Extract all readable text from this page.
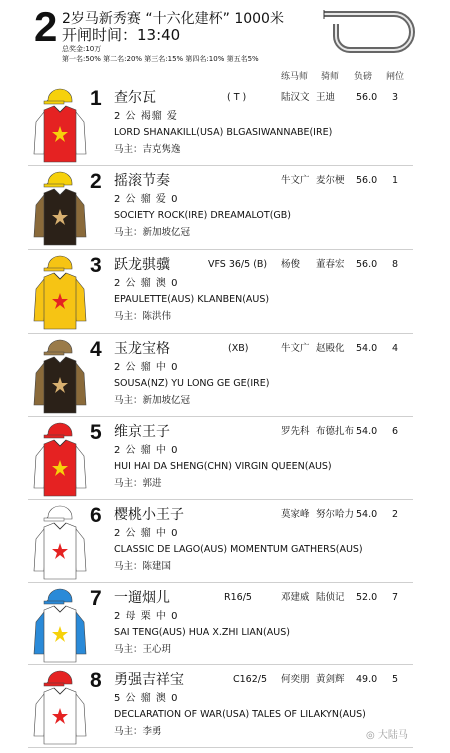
2 2岁马新秀赛 “十六化建杯” 1000米
开闸时间：13:40
总奖金:10万
第一名:50% 第二名:20% 第三名:15% 第四名:10% 第五名5%
练马师 骑师 负磅 闸位
1 查尔瓦	( T )	陆汉文 王迪 56.0 3
2 公 褐骝 爱
LORD SHANAKILL(USA) BLGASIWANNABE(IRE)
马主：吉克隽逸
2 摇滚节奏	牛文广 麦尔梗 56.0 1
2 公 骝 爱 0
SOCIETY ROCK(IRE) DREAMALOT(GB)
马主：新加坡亿冠
3 跃龙骐骥	VFS 36/5 (B) 杨俊 董春宏 56.0 8
2 公 骝 澳 0
EPAULETTE(AUS) KLANBEN(AUS)
马主：陈洪伟
4 玉龙宝格	(XB)	牛文广 赵殿化 54.0 4
2 公 骝 中 0
SOUSA(NZ) YU LONG GE GE(IRE)
马主：新加坡亿冠
5 维京王子	罗先科 布德扎布 54.0 6
2 公 骝 中 0
HUI HAI DA SHENG(CHN) VIRGIN QUEEN(AUS)
马主：郭进
6 樱桃小王子	莫家峰 努尔哈力 54.0 2
2 公 骝 中 0
CLASSIC DE LAGO(AUS) MOMENTUM GATHERS(AUS)
马主：陈建国
7 一遛烟儿	R16/5	邓建威 陆侦记 52.0 7
2 母 栗 中 0
SAI TENG(AUS) HUA X.ZHI LIAN(AUS)
马主：王心玥
8 勇强吉祥宝	C162/5 何奕朋 黄剑辉 49.0 5
5 公 骝 澳 0
DECLARATION OF WAR(USA) TALES OF LILAKYN(AUS)
马主：李勇	◎ 大陆马
